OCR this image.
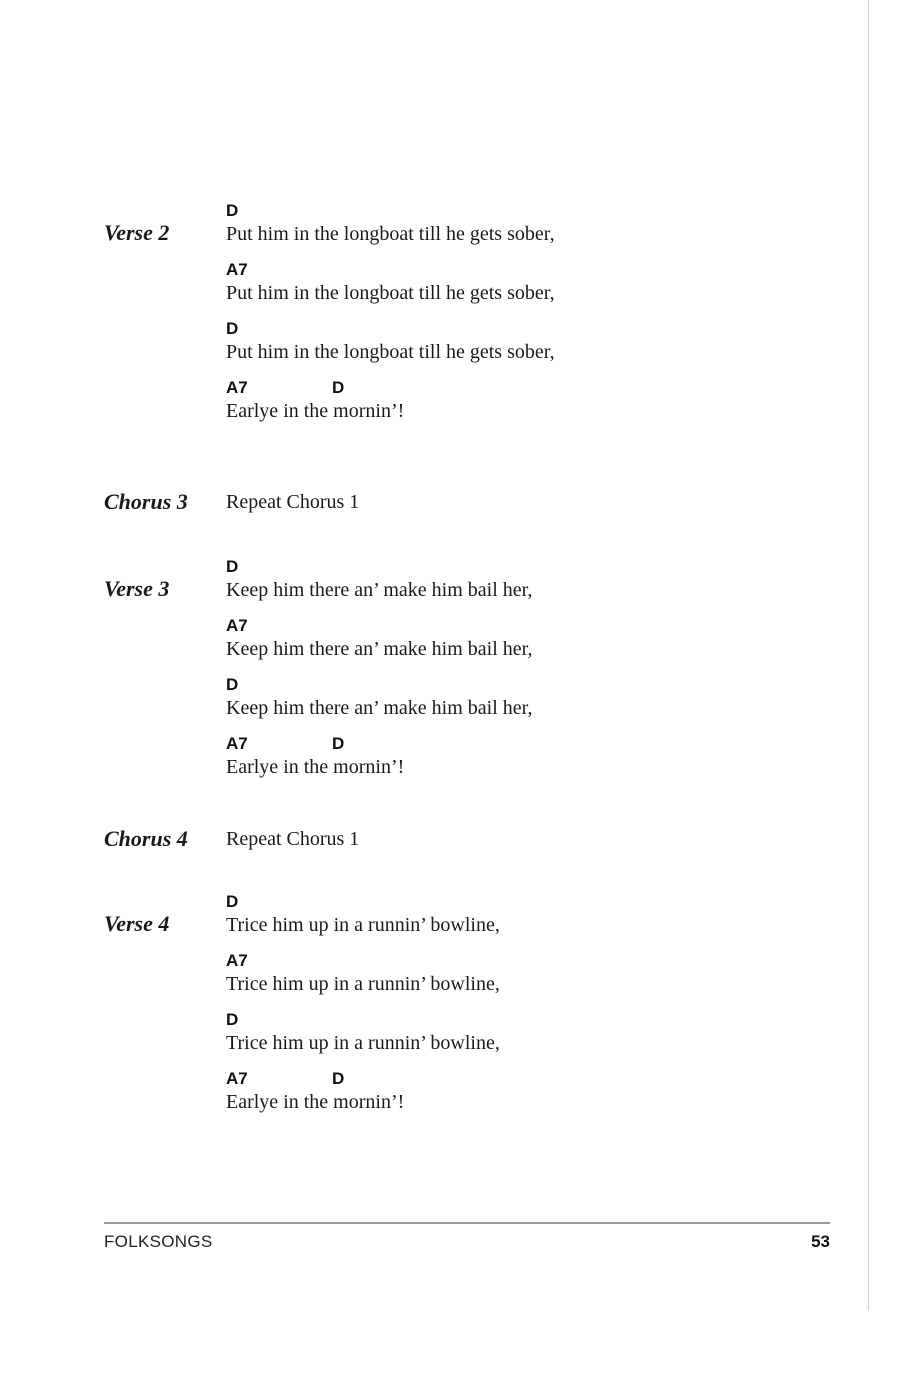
Verse 2
D
Put him in the longboat till he gets sober,
A7
Put him in the longboat till he gets sober,
D
Put him in the longboat till he gets sober,
A7	D
Earlye in the mornin’!
Chorus 3 Repeat Chorus 1
Verse 3
D
Keep him there an’ make him bail her,
A7
Keep him there an’ make him bail her,
D
Keep him there an’ make him bail her,
A7	D
Earlye in the mornin’!
Chorus 4 Repeat Chorus 1
Verse 4
D
Trice him up in a runnin’ bowline,
A7
Trice him up in a runnin’ bowline,
D
Trice him up in a runnin’ bowline,
A7	D
Earlye in the mornin’!
FOLKSONGS	53
